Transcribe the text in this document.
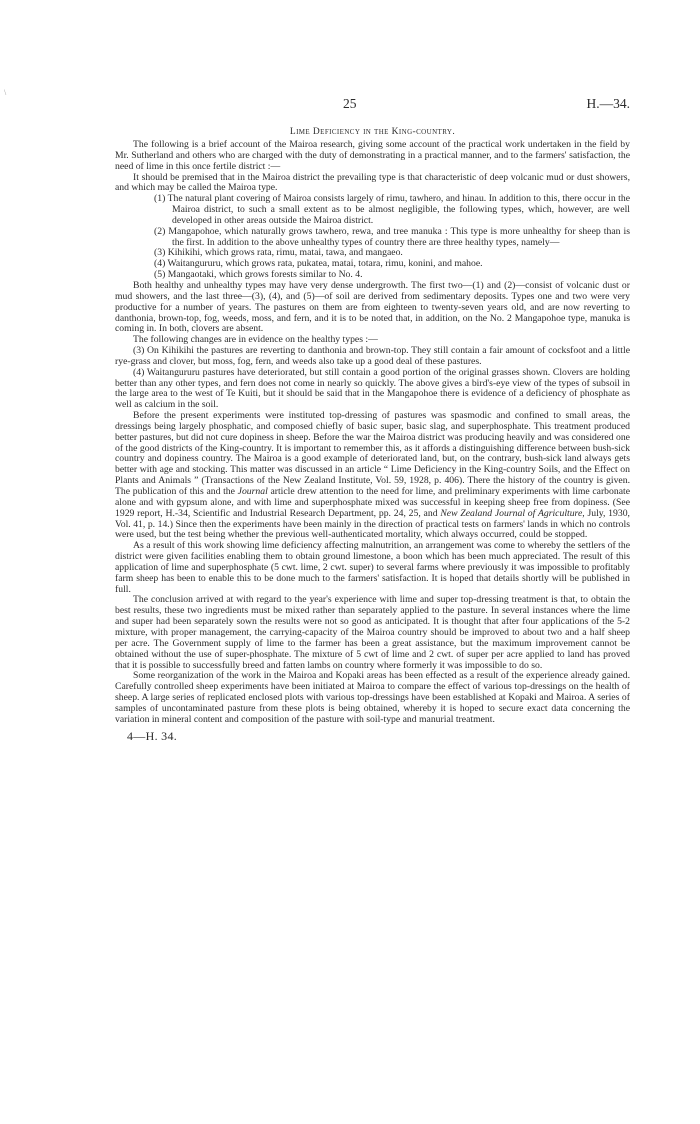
\
25	H.—34.
Lime Deficiency in the King-country.

The following is a brief account of the Mairoa research, giving some account of the practical work undertaken in the field by Mr. Sutherland and others who are charged with the duty of demonstrating in a practical manner, and to the farmers' satisfaction, the need of lime in this once fertile district :—

It should be premised that in the Mairoa district the prevailing type is that characteristic of deep volcanic mud or dust showers, and which may be called the Mairoa type.

(1) The natural plant covering of Mairoa consists largely of rimu, tawhero, and hinau. In addition to this, there occur in the Mairoa district, to such a small extent as to be almost negligible, the following types, which, however, are well developed in other areas outside the Mairoa district.

(2) Mangapohoe, which naturally grows tawhero, rewa, and tree manuka : This type is more unhealthy for sheep than is the first. In addition to the above unhealthy types of country there are three healthy types, namely—

(3) Kihikihi, which grows rata, rimu, matai, tawa, and mangaeo.

(4) Waitangururu, which grows rata, pukatea, matai, totara, rimu, konini, and mahoe.

(5) Mangaotaki, which grows forests similar to No. 4.

Both healthy and unhealthy types may have very dense undergrowth. The first two—(1) and (2)—consist of volcanic dust or mud showers, and the last three—(3), (4), and (5)—of soil are derived from sedimentary deposits. Types one and two were very productive for a number of years. The pastures on them are from eighteen to twenty-seven years old, and are now reverting to danthonia, brown-top, fog, weeds, moss, and fern, and it is to be noted that, in addition, on the No. 2 Mangapohoe type, manuka is coming in. In both, clovers are absent.

The following changes are in evidence on the healthy types :—

(3) On Kihikihi the pastures are reverting to danthonia and brown-top. They still contain a fair amount of cocksfoot and a little rye-grass and clover, but moss, fog, fern, and weeds also take up a good deal of these pastures.

(4) Waitangururu pastures have deteriorated, but still contain a good portion of the original grasses shown. Clovers are holding better than any other types, and fern does not come in nearly so quickly. The above gives a bird's-eye view of the types of subsoil in the large area to the west of Te Kuiti, but it should be said that in the Mangapohoe there is evidence of a deficiency of phosphate as well as calcium in the soil.

Before the present experiments were instituted top-dressing of pastures was spasmodic and confined to small areas, the dressings being largely phosphatic, and composed chiefly of basic super, basic slag, and superphosphate. This treatment produced better pastures, but did not cure dopiness in sheep. Before the war the Mairoa district was producing heavily and was considered one of the good districts of the King-country. It is important to remember this, as it affords a distinguishing difference between bush-sick country and dopiness country. The Mairoa is a good example of deteriorated land, but, on the contrary, bush-sick land always gets better with age and stocking. This matter was discussed in an article “ Lime Deficiency in the King-country Soils, and the Effect on Plants and Animals ” (Transactions of the New Zealand Institute, Vol. 59, 1928, p. 406). There the history of the country is given. The publication of this and the Journal article drew attention to the need for lime, and preliminary experiments with lime carbonate alone and with gypsum alone, and with lime and superphosphate mixed was successful in keeping sheep free from dopiness. (See 1929 report, H.-34, Scientific and Industrial Research Department, pp. 24, 25, and New Zealand Journal of Agriculture, July, 1930, Vol. 41, p. 14.) Since then the experiments have been mainly in the direction of practical tests on farmers' lands in which no controls were used, but the test being whether the previous well-authenticated mortality, which always occurred, could be stopped.

As a result of this work showing lime deficiency affecting malnutrition, an arrangement was come to whereby the settlers of the district were given facilities enabling them to obtain ground limestone, a boon which has been much appreciated. The result of this application of lime and superphosphate (5 cwt. lime, 2 cwt. super) to several farms where previously it was impossible to profitably farm sheep has been to enable this to be done much to the farmers' satisfaction. It is hoped that details shortly will be published in full.

The conclusion arrived at with regard to the year's experience with lime and super top-dressing treatment is that, to obtain the best results, these two ingredients must be mixed rather than separately applied to the pasture. In several instances where the lime and super had been separately sown the results were not so good as anticipated. It is thought that after four applications of the 5-2 mixture, with proper management, the carrying-capacity of the Mairoa country should be improved to about two and a half sheep per acre. The Government supply of lime to the farmer has been a great assistance, but the maximum improvement cannot be obtained without the use of super-phosphate. The mixture of 5 cwt of lime and 2 cwt. of super per acre applied to land has proved that it is possible to successfully breed and fatten lambs on country where formerly it was impossible to do so.

Some reorganization of the work in the Mairoa and Kopaki areas has been effected as a result of the experience already gained. Carefully controlled sheep experiments have been initiated at Mairoa to compare the effect of various top-dressings on the health of sheep. A large series of replicated enclosed plots with various top-dressings have been established at Kopaki and Mairoa. A series of samples of uncontaminated pasture from these plots is being obtained, whereby it is hoped to secure exact data concerning the variation in mineral content and composition of the pasture with soil-type and manurial treatment.

4—H. 34.
